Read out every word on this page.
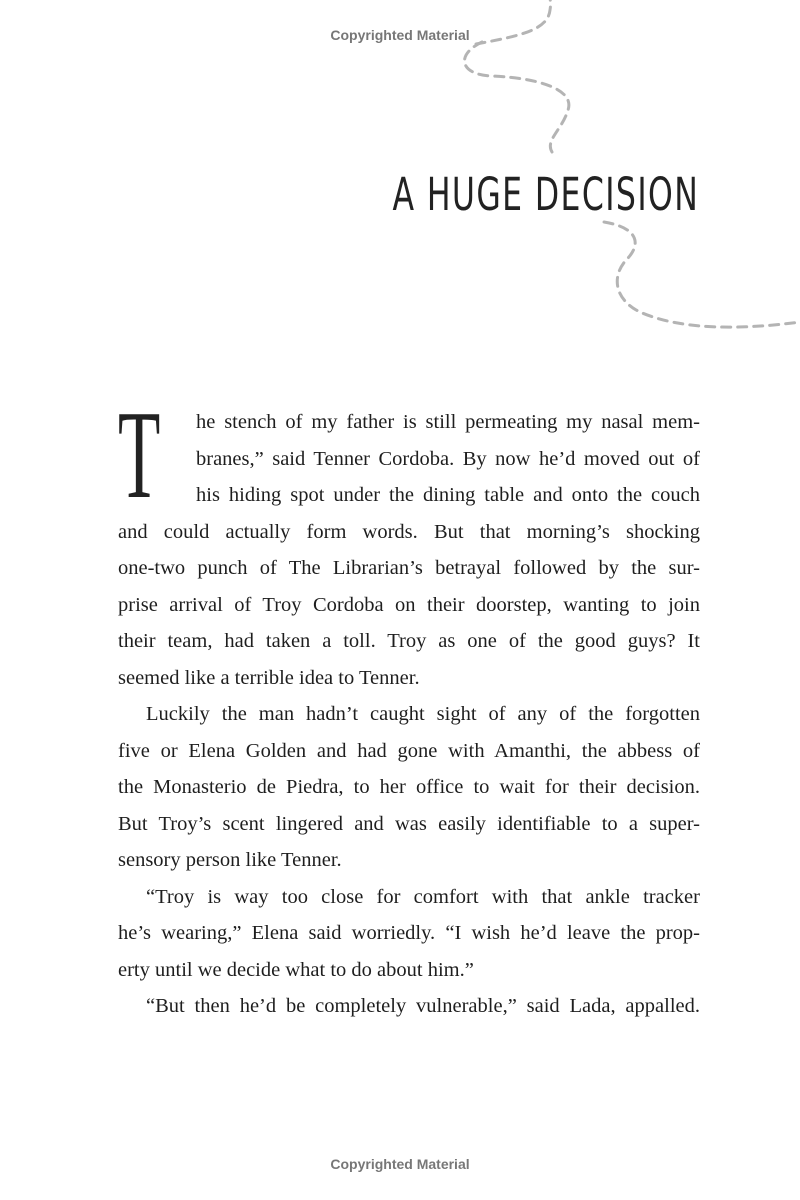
Copyrighted Material
A HUGE DECISION
T	he stench of my father is still permeating my nasal mem-
branes,” said Tenner Cordoba. By now he’d moved out of
his hiding spot under the dining table and onto the couch
and could actually form words. But that morning’s shocking
one-two punch of The Librarian’s betrayal followed by the sur-
prise arrival of Troy Cordoba on their doorstep, wanting to join
their team, had taken a toll. Troy as one of the good guys? It
seemed like a terrible idea to Tenner.
Luckily the man hadn’t caught sight of any of the forgotten
five or Elena Golden and had gone with Amanthi, the abbess of
the Monasterio de Piedra, to her office to wait for their decision.
But Troy’s scent lingered and was easily identifiable to a super-
sensory person like Tenner.
“Troy is way too close for comfort with that ankle tracker
he’s wearing,” Elena said worriedly. “I wish he’d leave the prop-
erty until we decide what to do about him.”
“But then he’d be completely vulnerable,” said Lada, appalled.
Copyrighted Material
